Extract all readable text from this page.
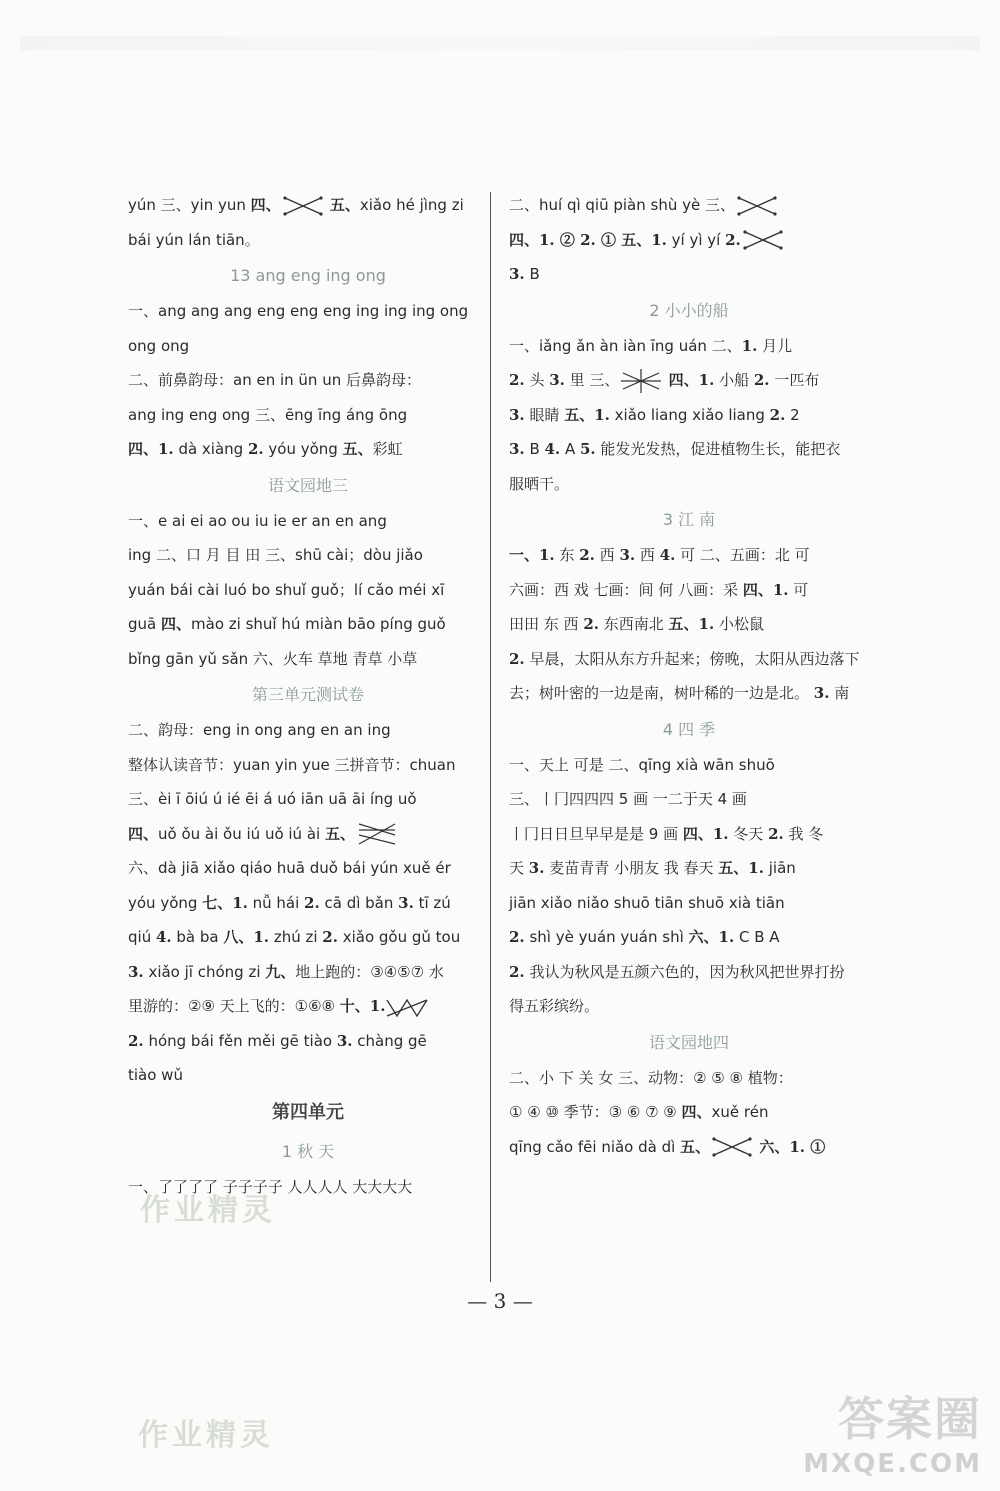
yún 三、yin yun 四、	五、xiǎo hé jìng zi
bái yún lán tiān。
13 ang eng ing ong
一、ang ang ang eng eng eng ing ing ing ong
ong ong
二、前鼻韵母：an en in ün un 后鼻韵母：
ang ing eng ong 三、ēng īng áng ōng
四、1. dà xiàng 2. yóu yǒng 五、彩虹
语文园地三
一、e ai ei ao ou iu ie er an en ang
ing 二、口 月 目 田 三、shū cài；dòu jiǎo
yuán bái cài luó bo shuǐ guǒ；lí cǎo méi xī
guā 四、mào zi shuǐ hú miàn bāo píng guǒ
bǐng gān yǔ sǎn 六、火车 草地 青草 小草
第三单元测试卷
二、韵母：eng in ong ang en an ing
整体认读音节：yuan yin yue 三拼音节：chuan
三、èi ī ōiú ú ié ēi á uó iān uā āi íng uǒ
四、uǒ ǒu ài ǒu iú uǒ iú ài 五、
六、dà jiā xiǎo qiáo huā duǒ bái yún xuě ér
yóu yǒng 七、1. nǚ hái 2. cā dì bǎn 3. tī zú
qiú 4. bà ba 八、1. zhú zi 2. xiǎo gǒu gǔ tou
3. xiǎo jī chóng zi 九、地上跑的：③④⑤⑦ 水
里游的：②⑨ 天上飞的：①⑥⑧ 十、1.
2. hóng bái fěn měi gē tiào 3. chàng gē
tiào wǔ
第四单元
1 秋 天
一、了了了了 子子子子 人人人人 大大大大
二、huí qì qiū piàn shù yè 三、
四、1. ② 2. ① 五、1. yí yì yí 2.
3. B
2 小小的船
一、iǎng ǎn àn iàn īng uán 二、1. 月儿
2. 头 3. 里 三、	四、1. 小船 2. 一匹布
3. 眼睛 五、1. xiǎo liang xiǎo liang 2. 2
3. B 4. A 5. 能发光发热，促进植物生长，能把衣
服晒干。
3 江 南
一、1. 东 2. 西 3. 西 4. 可 二、五画：北 可
六画：西 戏 七画：间 何 八画：采 四、1. 可
田田 东 西 2. 东西南北 五、1. 小松鼠
2. 早晨，太阳从东方升起来；傍晚，太阳从西边落下
去；树叶密的一边是南，树叶稀的一边是北。 3. 南
4 四 季
一、天上 可是 二、qīng xià wān shuō
三、丨冂四四四 5 画 一二于天 4 画
丨冂日日旦早早是是 9 画 四、1. 冬天 2. 我 冬
天 3. 麦苗青青 小朋友 我 春天 五、1. jiān
jiān xiǎo niǎo shuō tiān shuō xià tiān
2. shì yè yuán yuán shì 六、1. C B A
2. 我认为秋风是五颜六色的，因为秋风把世界打扮
得五彩缤纷。
语文园地四
二、小 下 关 女 三、动物：② ⑤ ⑧ 植物：
① ④ ⑩ 季节：③ ⑥ ⑦ ⑨ 四、xuě rén
qīng cǎo fēi niǎo dà dì 五、	六、1. ①
作业精灵
作业精灵
— 3 —
答案圈
MXQE.COM
